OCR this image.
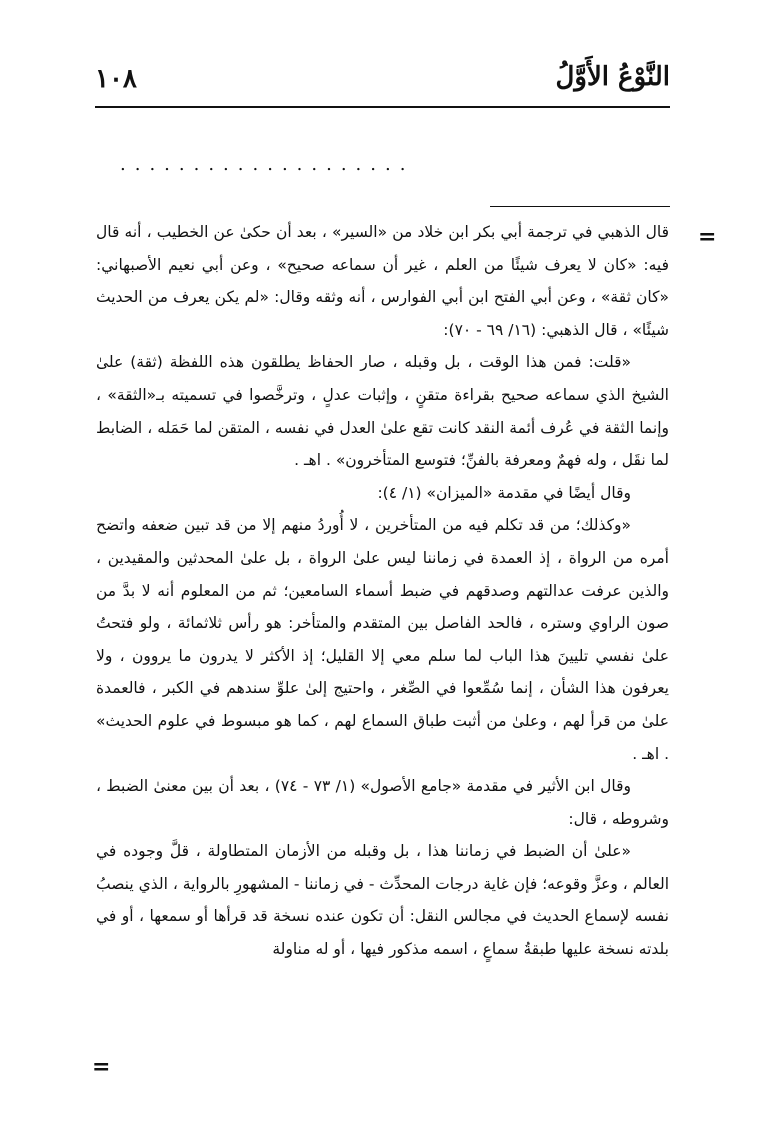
النَّوْعُ الأَوَّلُ
١٠٨
....................
=

قال الذهبي في ترجمة أبي بكر ابن خلاد من «السير» ، بعد أن حكىٰ عن الخطيب ، أنه قال فيه: «كان لا يعرف شيئًا من العلم ، غير أن سماعه صحيح» ، وعن أبي نعيم الأصبهاني: «كان ثقة» ، وعن أبي الفتح ابن أبي الفوارس ، أنه وثقه وقال: «لم يكن يعرف من الحديث شيئًا» ، قال الذهبي: (١٦/ ٦٩ - ٧٠):

«قلت: فمن هذا الوقت ، بل وقبله ، صار الحفاظ يطلقون هذه اللفظة (ثقة) علىٰ الشيخ الذي سماعه صحيح بقراءة متقنٍ ، وإثبات عدلٍ ، وترخَّصوا في تسميته بـ«الثقة» ، وإنما الثقة في عُرف أئمة النقد كانت تقع علىٰ العدل في نفسه ، المتقن لما حَمَله ، الضابط لما نقَل ، وله فهمٌ ومعرفة بالفنِّ؛ فتوسع المتأخرون» . اهـ .

وقال أيضًا في مقدمة «الميزان» (١/ ٤):

«وكذلك؛ من قد تكلم فيه من المتأخرين ، لا أُوردُ منهم إلا من قد تبين ضعفه واتضح أمره من الرواة ، إذ العمدة في زماننا ليس علىٰ الرواة ، بل علىٰ المحدثين والمقيدين ، والذين عرفت عدالتهم وصدقهم في ضبط أسماء السامعين؛ ثم من المعلوم أنه لا بدَّ من صون الراوي وستره ، فالحد الفاصل بين المتقدم والمتأخر: هو رأس ثلاثمائة ، ولو فتحتُ علىٰ نفسي تليينَ هذا الباب لما سلم معي إلا القليل؛ إذ الأكثر لا يدرون ما يروون ، ولا يعرفون هذا الشأن ، إنما سُمِّعوا في الصِّغر ، واحتيج إلىٰ علوِّ سندهم في الكبر ، فالعمدة علىٰ من قرأ لهم ، وعلىٰ من أثبت طباق السماع لهم ، كما هو مبسوط في علوم الحديث» . اهـ .

وقال ابن الأثير في مقدمة «جامع الأصول» (١/ ٧٣ - ٧٤) ، بعد أن بين معنىٰ الضبط ، وشروطه ، قال:

«علىٰ أن الضبط في زماننا هذا ، بل وقبله من الأزمان المتطاولة ، قلَّ وجوده في العالم ، وعزَّ وقوعه؛ فإن غاية درجات المحدِّث - في زماننا - المشهورِ بالرواية ، الذي ينصبُ نفسه لإسماع الحديث في مجالس النقل: أن تكون عنده نسخة قد قرأها أو سمعها ، أو في بلدته نسخة عليها طبقةُ سماعٍ ، اسمه مذكور فيها ، أو له مناولة

=
